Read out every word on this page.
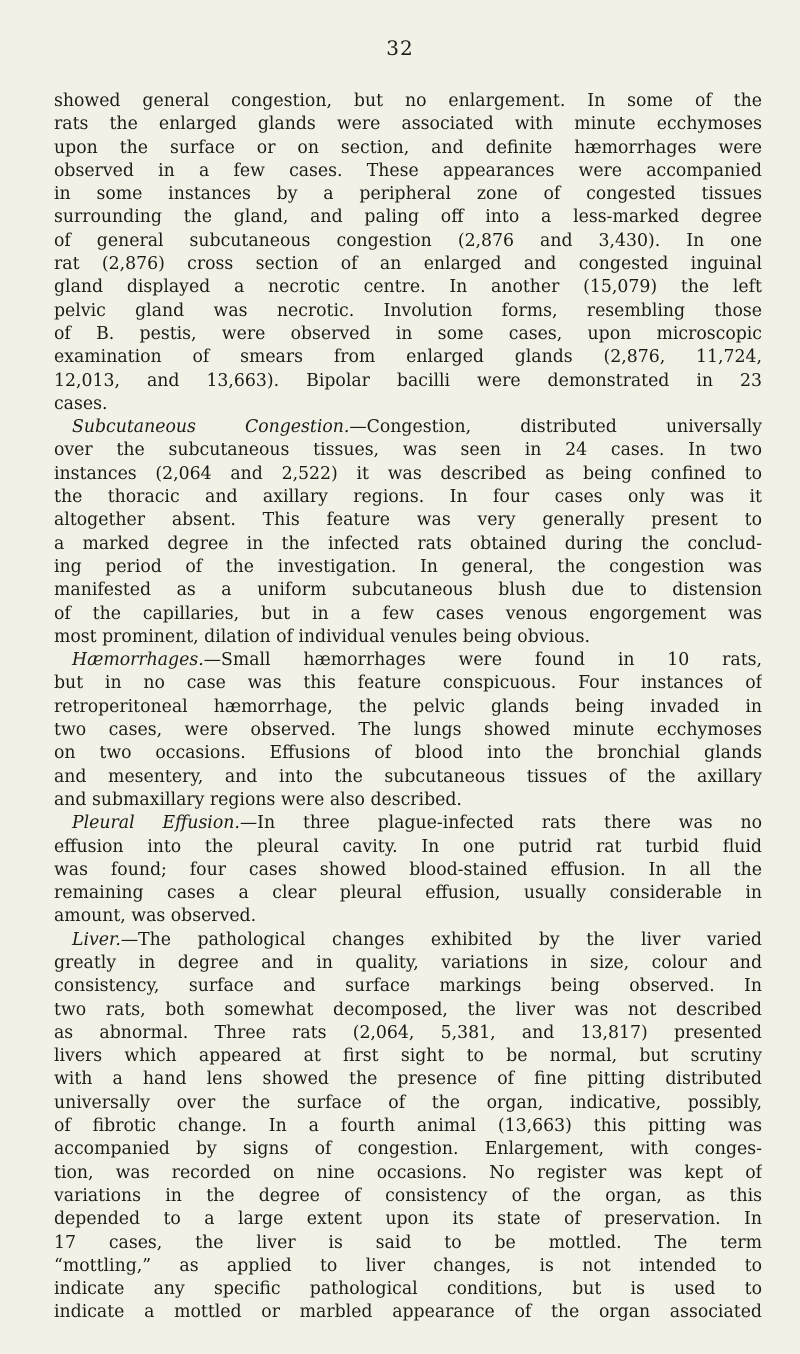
32
showed general congestion, but no enlargement. In some of the
rats the enlarged glands were associated with minute ecchymoses
upon the surface or on section, and definite hæmorrhages were
observed in a few cases. These appearances were accompanied
in some instances by a peripheral zone of congested tissues
surrounding the gland, and paling off into a less-marked degree
of general subcutaneous congestion (2,876 and 3,430). In one
rat (2,876) cross section of an enlarged and congested inguinal
gland displayed a necrotic centre. In another (15,079) the left
pelvic gland was necrotic. Involution forms, resembling those
of B. pestis, were observed in some cases, upon microscopic
examination of smears from enlarged glands (2,876, 11,724,
12,013, and 13,663). Bipolar bacilli were demonstrated in 23
cases.
Subcutaneous Congestion.—Congestion, distributed universally
over the subcutaneous tissues, was seen in 24 cases. In two
instances (2,064 and 2,522) it was described as being confined to
the thoracic and axillary regions. In four cases only was it
altogether absent. This feature was very generally present to
a marked degree in the infected rats obtained during the conclud-
ing period of the investigation. In general, the congestion was
manifested as a uniform subcutaneous blush due to distension
of the capillaries, but in a few cases venous engorgement was
most prominent, dilation of individual venules being obvious.
Hæmorrhages.—Small hæmorrhages were found in 10 rats,
but in no case was this feature conspicuous. Four instances of
retroperitoneal hæmorrhage, the pelvic glands being invaded in
two cases, were observed. The lungs showed minute ecchymoses
on two occasions. Effusions of blood into the bronchial glands
and mesentery, and into the subcutaneous tissues of the axillary
and submaxillary regions were also described.
Pleural Effusion.—In three plague-infected rats there was no
effusion into the pleural cavity. In one putrid rat turbid fluid
was found; four cases showed blood-stained effusion. In all the
remaining cases a clear pleural effusion, usually considerable in
amount, was observed.
Liver.—The pathological changes exhibited by the liver varied
greatly in degree and in quality, variations in size, colour and
consistency, surface and surface markings being observed. In
two rats, both somewhat decomposed, the liver was not described
as abnormal. Three rats (2,064, 5,381, and 13,817) presented
livers which appeared at first sight to be normal, but scrutiny
with a hand lens showed the presence of fine pitting distributed
universally over the surface of the organ, indicative, possibly,
of fibrotic change. In a fourth animal (13,663) this pitting was
accompanied by signs of congestion. Enlargement, with conges-
tion, was recorded on nine occasions. No register was kept of
variations in the degree of consistency of the organ, as this
depended to a large extent upon its state of preservation. In
17 cases, the liver is said to be mottled. The term
“mottling,” as applied to liver changes, is not intended to
indicate any specific pathological conditions, but is used to
indicate a mottled or marbled appearance of the organ associated
